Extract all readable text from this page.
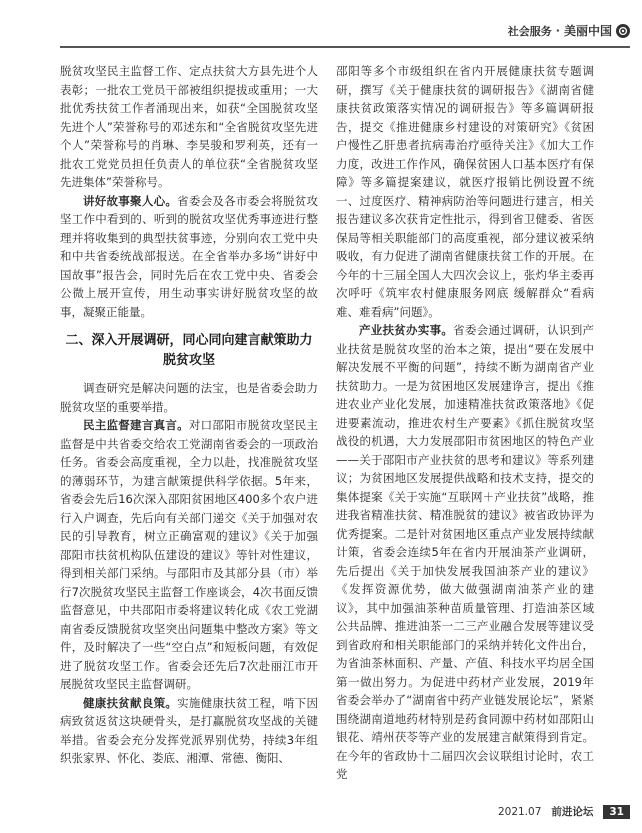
社会服务 · 美丽中国

脱贫攻坚民主监督工作、定点扶贫大方县先进个人表彰；一批农工党员干部被组织提拔或重用；一大批优秀扶贫工作者涌现出来，如获“全国脱贫攻坚先进个人”荣誉称号的邓述东和“全省脱贫攻坚先进个人”荣誉称号的肖琳、李昊骏和罗利英，还有一批农工党党员担任负责人的单位获“全省脱贫攻坚先进集体”荣誉称号。

讲好故事聚人心。省委会及各市委会将脱贫攻坚工作中看到的、听到的脱贫攻坚优秀事迹进行整理并将收集到的典型扶贫事迹，分别向农工党中央和中共省委统战部报送。在全省举办多场“讲好中国故事”报告会，同时先后在农工党中央、省委会公微上展开宣传，用生动事实讲好脱贫攻坚的故事，凝聚正能量。

二、深入开展调研，同心同向建言献策助力脱贫攻坚

调查研究是解决问题的法宝，也是省委会助力脱贫攻坚的重要举措。

民主监督建言真言。对口邵阳市脱贫攻坚民主监督是中共省委交给农工党湖南省委会的一项政治任务。省委会高度重视，全力以赴，找准脱贫攻坚的薄弱环节，为建言献策提供科学依据。5年来，省委会先后16次深入邵阳贫困地区400多个农户进行入户调查，先后向有关部门递交《关于加强对农民的引导教育，树立正确富观的建议》《关于加强邵阳市扶贫机构队伍建设的建议》等针对性建议，得到相关部门采纳。与邵阳市及其部分县（市）举行7次脱贫攻坚民主监督工作座谈会，4次书面反馈监督意见，中共邵阳市委将建议转化成《农工党湖南省委反馈脱贫攻坚突出问题集中整改方案》等文件，及时解决了一些“空白点”和短板问题，有效促进了脱贫攻坚工作。省委会还先后7次赴丽江市开展脱贫攻坚民主监督调研。

健康扶贫献良策。实施健康扶贫工程，啃下因病致贫返贫这块硬骨头，是打赢脱贫攻坚战的关键举措。省委会充分发挥党派界别优势，持续3年组织张家界、怀化、娄底、湘潭、常德、衡阳、

邵阳等多个市级组织在省内开展健康扶贫专题调研，撰写《关于健康扶贫的调研报告》《湖南省健康扶贫政策落实情况的调研报告》等多篇调研报告，提交《推进健康乡村建设的对策研究》《贫困户慢性乙肝患者抗病毒治疗亟待关注》《加大工作力度，改进工作作风，确保贫困人口基本医疗有保障》等多篇提案建议，就医疗报销比例设置不统一、过度医疗、精神病防治等问题进行建言，相关报告建议多次获肯定性批示，得到省卫健委、省医保局等相关职能部门的高度重视，部分建议被采纳吸收，有力促进了湖南省健康扶贫工作的开展。在今年的十三届全国人大四次会议上，张灼华主委再次呼吁《筑牢农村健康服务网底 缓解群众“看病难、难看病”问题》。

产业扶贫办实事。省委会通过调研，认识到产业扶贫是脱贫攻坚的治本之策，提出“要在发展中解决发展不平衡的问题”，持续不断为湖南省产业扶贫助力。一是为贫困地区发展建诤言，提出《推进农业产业化发展，加速精准扶贫政策落地》《促进要素流动，推进农村生产要素》《抓住脱贫攻坚战役的机遇，大力发展邵阳市贫困地区的特色产业——关于邵阳市产业扶贫的思考和建议》等系列建议；为贫困地区发展提供战略和技术支持，提交的集体提案《关于实施“互联网＋产业扶贫”战略，推进我省精准扶贫、精准脱贫的建议》被省政协评为优秀提案。二是针对贫困地区重点产业发展持续献计策，省委会连续5年在省内开展油茶产业调研，先后提出《关于加快发展我国油茶产业的建议》《发挥资源优势，做大做强湖南油茶产业的建议》，其中加强油茶种苗质量管理、打造油茶区域公共品牌、推进油茶一二三产业融合发展等建议受到省政府和相关职能部门的采纳并转化文件出台，为省油茶林面积、产量、产值、科技水平均居全国第一做出努力。为促进中药材产业发展，2019年省委会举办了“湖南省中药产业链发展论坛”，紧紧围绕湖南道地药材特别是药食同源中药材如邵阳山银花、靖州茯苓等产业的发展建言献策得到肯定。在今年的省政协十二届四次会议联组讨论时，农工党

2021.07 前进论坛	31
